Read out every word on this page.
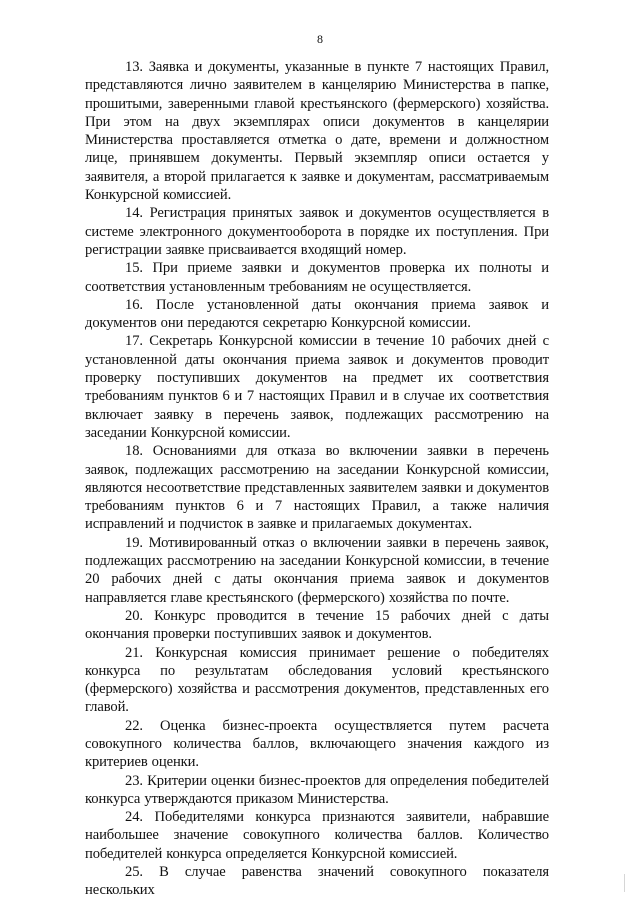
8

13. Заявка и документы, указанные в пункте 7 настоящих Правил, представляются лично заявителем в канцелярию Министерства в папке, прошитыми, заверенными главой крестьянского (фермерского) хозяйства. При этом на двух экземплярах описи документов в канцелярии Министерства проставляется отметка о дате, времени и должностном лице, принявшем документы. Первый экземпляр описи остается у заявителя, а второй прилагается к заявке и документам, рассматриваемым Конкурсной комиссией.

14. Регистрация принятых заявок и документов осуществляется в системе электронного документооборота в порядке их поступления. При регистрации заявке присваивается входящий номер.

15. При приеме заявки и документов проверка их полноты и соответствия установленным требованиям не осуществляется.

16. После установленной даты окончания приема заявок и документов они передаются секретарю Конкурсной комиссии.

17. Секретарь Конкурсной комиссии в течение 10 рабочих дней с установленной даты окончания приема заявок и документов проводит проверку поступивших документов на предмет их соответствия требованиям пунктов 6 и 7 настоящих Правил и в случае их соответствия включает заявку в перечень заявок, подлежащих рассмотрению на заседании Конкурсной комиссии.

18. Основаниями для отказа во включении заявки в перечень заявок, подлежащих рассмотрению на заседании Конкурсной комиссии, являются несоответствие представленных заявителем заявки и документов требованиям пунктов 6 и 7 настоящих Правил, а также наличия исправлений и подчисток в заявке и прилагаемых документах.

19. Мотивированный отказ о включении заявки в перечень заявок, подлежащих рассмотрению на заседании Конкурсной комиссии, в течение 20 рабочих дней с даты окончания приема заявок и документов направляется главе крестьянского (фермерского) хозяйства по почте.

20. Конкурс проводится в течение 15 рабочих дней с даты окончания проверки поступивших заявок и документов.

21. Конкурсная комиссия принимает решение о победителях конкурса по результатам обследования условий крестьянского (фермерского) хозяйства и рассмотрения документов, представленных его главой.

22. Оценка бизнес-проекта осуществляется путем расчета совокупного количества баллов, включающего значения каждого из критериев оценки.

23. Критерии оценки бизнес-проектов для определения победителей конкурса утверждаются приказом Министерства.

24. Победителями конкурса признаются заявители, набравшие наибольшее значение совокупного количества баллов. Количество победителей конкурса определяется Конкурсной комиссией.

25. В случае равенства значений совокупного показателя нескольких
